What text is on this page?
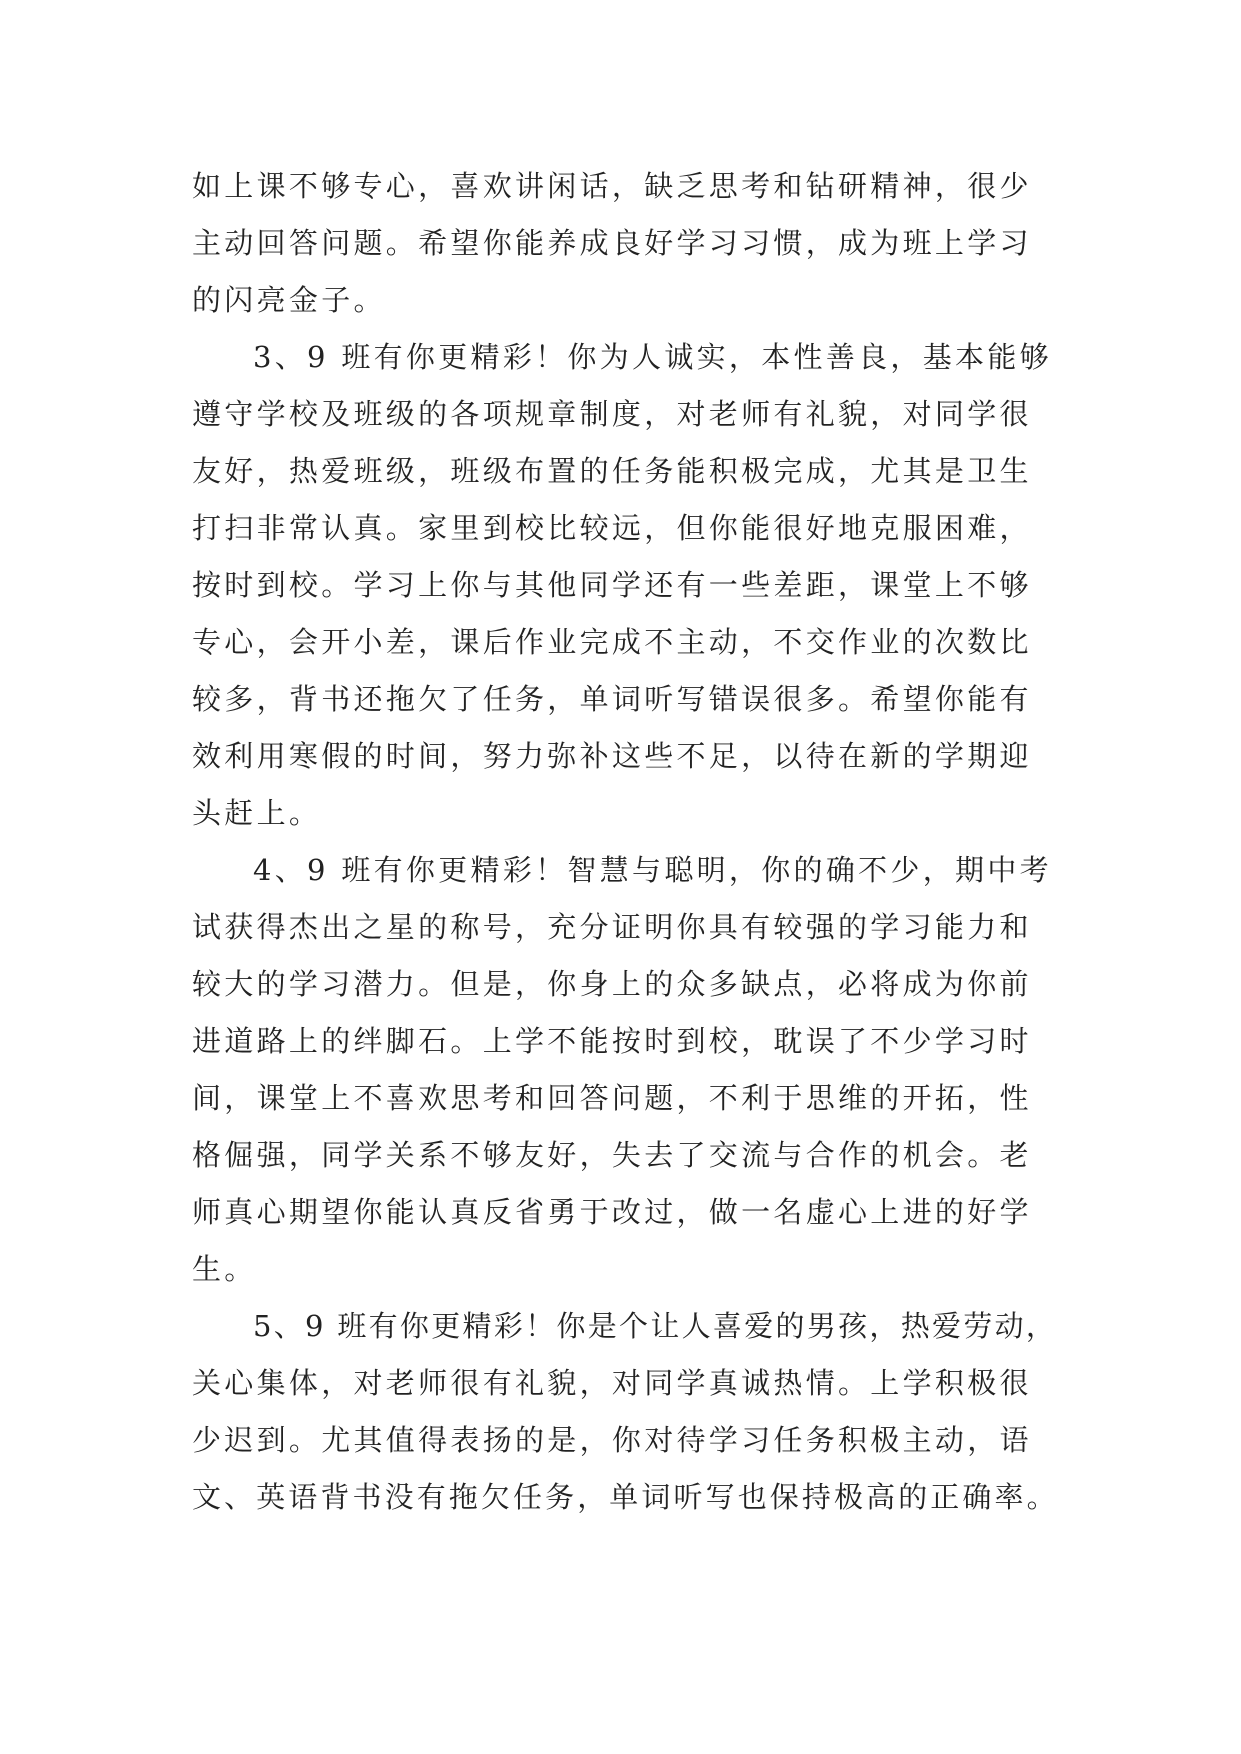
如上课不够专心，喜欢讲闲话，缺乏思考和钻研精神，很少
主动回答问题。希望你能养成良好学习习惯，成为班上学习
的闪亮金子。
3、9 班有你更精彩！你为人诚实，本性善良，基本能够
遵守学校及班级的各项规章制度，对老师有礼貌，对同学很
友好，热爱班级，班级布置的任务能积极完成，尤其是卫生
打扫非常认真。家里到校比较远，但你能很好地克服困难，
按时到校。学习上你与其他同学还有一些差距，课堂上不够
专心，会开小差，课后作业完成不主动，不交作业的次数比
较多，背书还拖欠了任务，单词听写错误很多。希望你能有
效利用寒假的时间，努力弥补这些不足，以待在新的学期迎
头赶上。
4、9 班有你更精彩！智慧与聪明，你的确不少，期中考
试获得杰出之星的称号，充分证明你具有较强的学习能力和
较大的学习潜力。但是，你身上的众多缺点，必将成为你前
进道路上的绊脚石。上学不能按时到校，耽误了不少学习时
间，课堂上不喜欢思考和回答问题，不利于思维的开拓，性
格倔强，同学关系不够友好，失去了交流与合作的机会。老
师真心期望你能认真反省勇于改过，做一名虚心上进的好学
生。
5、9 班有你更精彩！你是个让人喜爱的男孩，热爱劳动，
关心集体，对老师很有礼貌，对同学真诚热情。上学积极很
少迟到。尤其值得表扬的是，你对待学习任务积极主动，语
文、英语背书没有拖欠任务，单词听写也保持极高的正确率。
